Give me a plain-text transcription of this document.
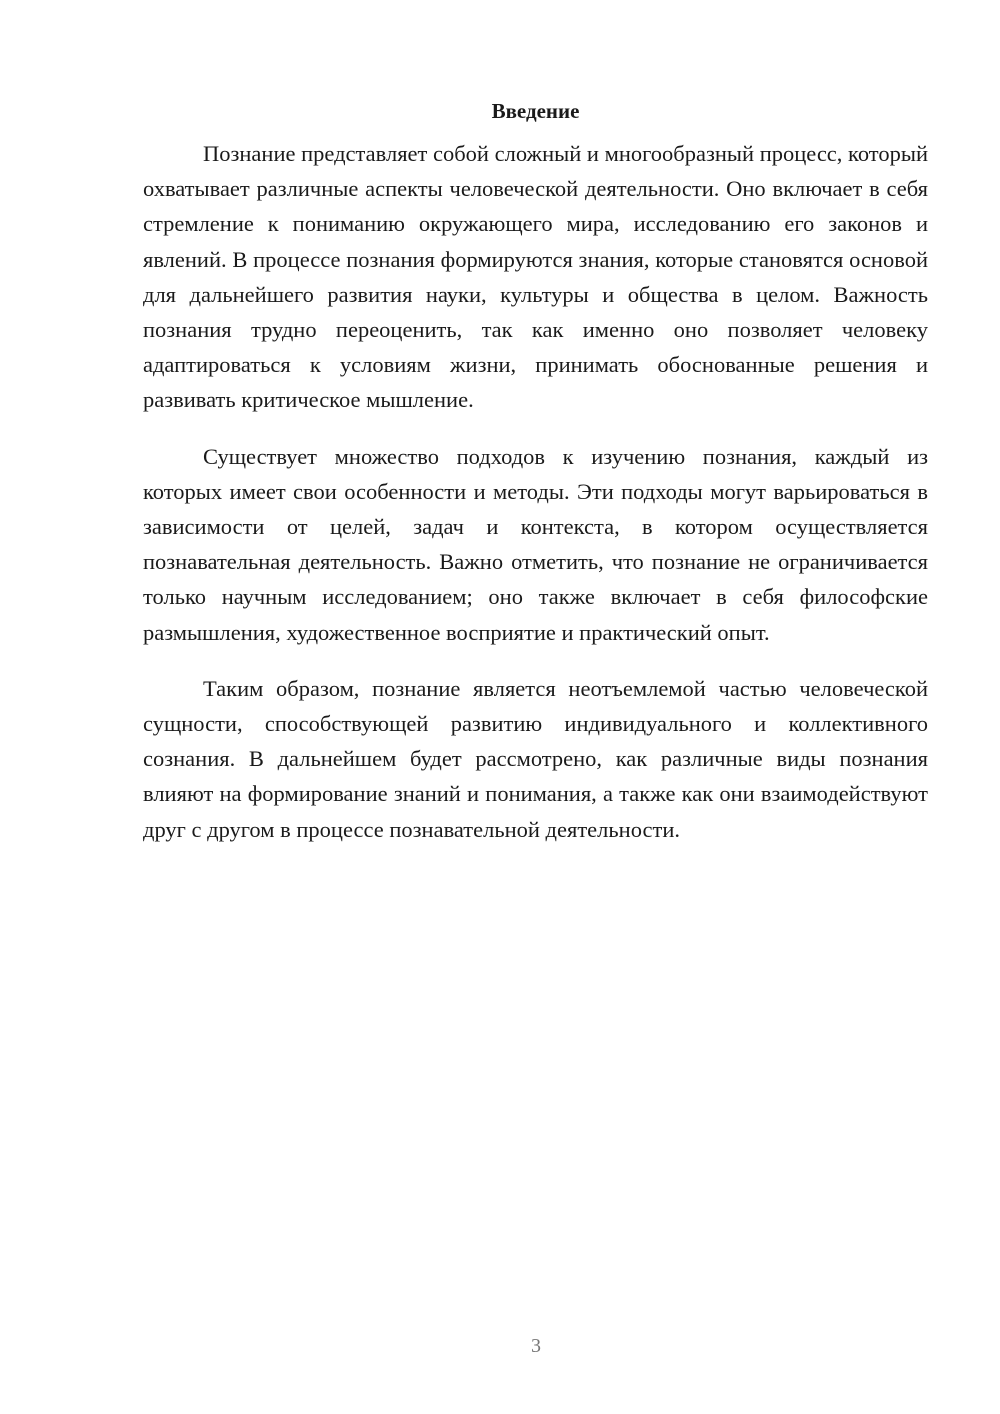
Введение

Познание представляет собой сложный и многообразный процесс, который охватывает различные аспекты человеческой деятельности. Оно включает в себя стремление к пониманию окружающего мира, исследованию его законов и явлений. В процессе познания формируются знания, которые становятся основой для дальнейшего развития науки, культуры и общества в целом. Важность познания трудно переоценить, так как именно оно позволяет человеку адаптироваться к условиям жизни, принимать обоснованные решения и развивать критическое мышление.

Существует множество подходов к изучению познания, каждый из которых имеет свои особенности и методы. Эти подходы могут варьироваться в зависимости от целей, задач и контекста, в котором осуществляется познавательная деятельность. Важно отметить, что познание не ограничивается только научным исследованием; оно также включает в себя философские размышления, художественное восприятие и практический опыт.

Таким образом, познание является неотъемлемой частью человеческой сущности, способствующей развитию индивидуального и коллективного сознания. В дальнейшем будет рассмотрено, как различные виды познания влияют на формирование знаний и понимания, а также как они взаимодействуют друг с другом в процессе познавательной деятельности.

3
